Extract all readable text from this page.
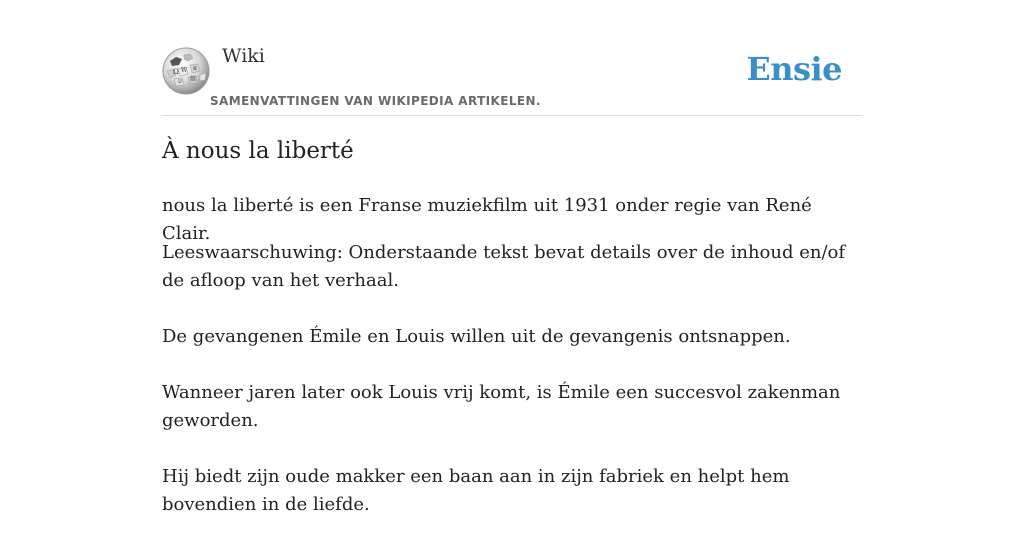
Ω W и
ש 維
Wiki
SAMENVATTINGEN VAN WIKIPEDIA ARTIKELEN.
Ensie
À nous la liberté

nous la liberté is een Franse muziekfilm uit 1931 onder regie van René Clair.

Leeswaarschuwing: Onderstaande tekst bevat details over de inhoud en/of de afloop van het verhaal.

De gevangenen Émile en Louis willen uit de gevangenis ontsnappen.

Wanneer jaren later ook Louis vrij komt, is Émile een succesvol zakenman geworden.

Hij biedt zijn oude makker een baan aan in zijn fabriek en helpt hem bovendien in de liefde.
